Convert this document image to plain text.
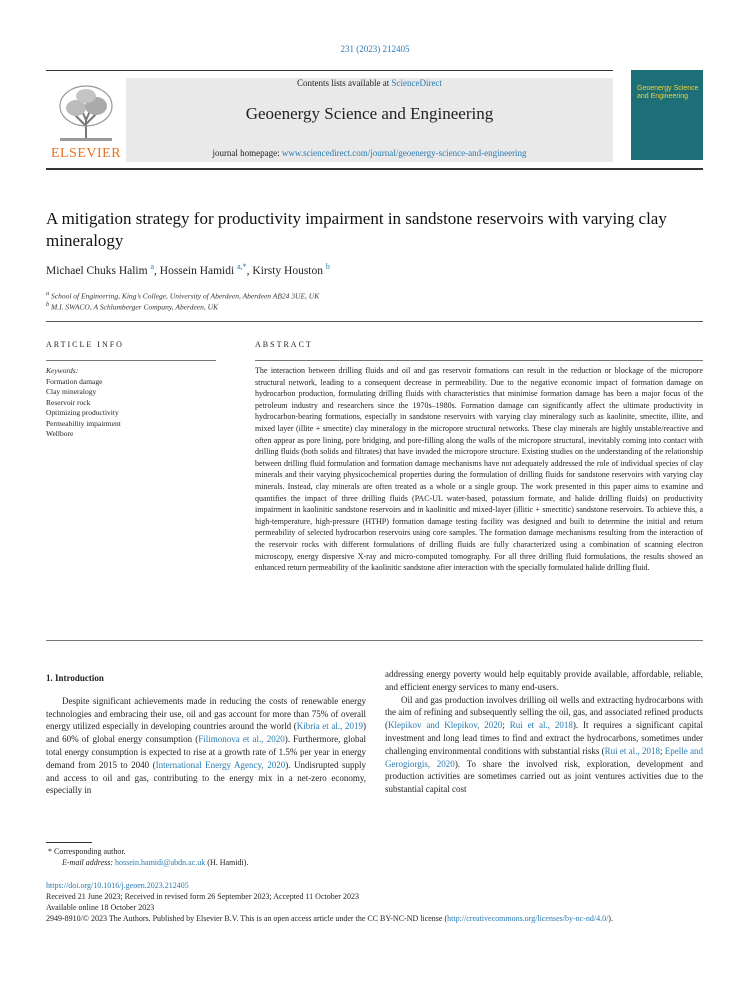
231 (2023) 212405
ELSEVIER
Contents lists available at ScienceDirect
Geoenergy Science and Engineering
journal homepage: www.sciencedirect.com/journal/geoenergy-science-and-engineering
Geoenergy Science and Engineering
A mitigation strategy for productivity impairment in sandstone reservoirs with varying clay mineralogy
Michael Chuks Halim $^a$, Hossein Hamidi $^{a,*}$, Kirsty Houston $^b$
$^a$ School of Engineering, King’s College, University of Aberdeen, Aberdeen AB24 3UE, UK
$^b$ M.I. SWACO, A Schlumberger Company, Aberdeen, UK
ARTICLE INFO	ABSTRACT
Keywords:
Formation damage
Clay mineralogy
Reservoir rock
Optimizing productivity
Permeability impairment
Wellbore
The interaction between drilling fluids and oil and gas reservoir formations can result in the reduction or blockage of the micropore structural network, leading to a consequent decrease in permeability. Due to the negative economic impact of formation damage on hydrocarbon production, formulating drilling fluids with characteristics that minimise formation damage has been a major focus of the petroleum industry and researchers since the 1970s–1980s. Formation damage can significantly affect the ultimate productivity in hydrocarbon-bearing formations, especially in sandstone reservoirs with varying clay mineralogy such as kaolinite, smectite, illite, and mixed layer (illite + smectite) clay mineralogy in the micropore structural networks. These clay minerals are highly unstable/reactive and often appear as pore lining, pore bridging, and pore-filling along the walls of the micropore structural, inevitably coming into contact with drilling fluids (both solids and filtrates) that have invaded the micropore structure. Existing studies on the understanding of the relationship between drilling fluid formulation and formation damage mechanisms have not adequately addressed the role of individual species of clay minerals and their varying physicochemical properties during the formulation of drilling fluids for sandstone reservoirs with varying clay minerals. Instead, clay minerals are often treated as a whole or a single group. The work presented in this paper aims to examine and quantifies the impact of three drilling fluids (PAC-UL water-based, potassium formate, and halide drilling fluids) on productivity impairment in kaolinitic sandstone reservoirs and in kaolinitic and mixed-layer (illitic + smectitic) sandstone reservoirs. To achieve this, a high-temperature, high-pressure (HTHP) formation damage testing facility was designed and built to determine the initial and return permeability of selected hydrocarbon reservoirs using core samples. The formation damage mechanisms resulting from the interaction of the reservoir rocks with different formulations of drilling fluids are fully characterized using a combination of scanning electron microscopy, energy dispersive X-ray and micro-computed tomography. For all three drilling fluid formulations, the results showed an enhanced return permeability of the kaolinitic sandstone after interaction with the specially formulated halide drilling fluid.
1. Introduction

Despite significant achievements made in reducing the costs of renewable energy technologies and embracing their use, oil and gas account for more than 75% of overall energy utilized especially in developing countries around the world (Kibria et al., 2019) and 60% of global energy consumption (Filimonova et al., 2020). Furthermore, global total energy consumption is expected to rise at a growth rate of 1.5% per year in energy demand from 2015 to 2040 (International Energy Agency, 2020). Undisrupted supply and access to oil and gas, contributing to the energy mix in a net-zero economy, especially in

addressing energy poverty would help equitably provide available, affordable, reliable, and efficient energy services to many end-users.

Oil and gas production involves drilling oil wells and extracting hydrocarbons with the aim of refining and subsequently selling the oil, gas, and associated refined products (Klepikov and Klepikov, 2020; Rui et al., 2018). It requires a significant capital investment and long lead times to find and extract the hydrocarbons, sometimes under challenging environmental conditions with substantial risks (Rui et al., 2018; Epelle and Gerogiorgis, 2020). To share the involved risk, exploration, development and production activities are sometimes carried out as joint ventures activities due to the substantial capital cost

* Corresponding author.
E-mail address: hossein.hamidi@abdn.ac.uk (H. Hamidi).
https://doi.org/10.1016/j.geoen.2023.212405
Received 21 June 2023; Received in revised form 26 September 2023; Accepted 11 October 2023
Available online 18 October 2023
2949-8910/© 2023 The Authors. Published by Elsevier B.V. This is an open access article under the CC BY-NC-ND license (http://creativecommons.org/licenses/by-nc-nd/4.0/).
